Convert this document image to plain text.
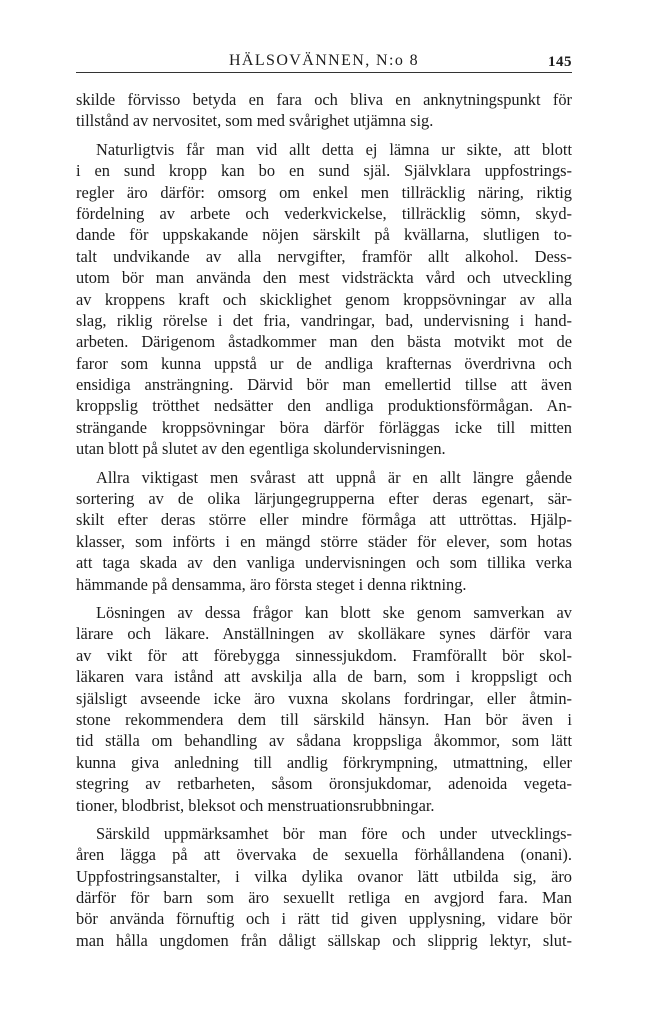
HÄLSOVÄNNEN, N:o 8	145
skilde förvisso betyda en fara och bliva en anknytningspunkt för
tillstånd av nervositet, som med svårighet utjämna sig.
Naturligtvis får man vid allt detta ej lämna ur sikte, att blott
i en sund kropp kan bo en sund själ. Självklara uppfostrings-
regler äro därför: omsorg om enkel men tillräcklig näring, riktig
fördelning av arbete och vederkvickelse, tillräcklig sömn, skyd-
dande för uppskakande nöjen särskilt på kvällarna, slutligen to-
talt undvikande av alla nervgifter, framför allt alkohol. Dess-
utom bör man använda den mest vidsträckta vård och utveckling
av kroppens kraft och skicklighet genom kroppsövningar av alla
slag, riklig rörelse i det fria, vandringar, bad, undervisning i hand-
arbeten. Därigenom åstadkommer man den bästa motvikt mot de
faror som kunna uppstå ur de andliga krafternas överdrivna och
ensidiga ansträngning. Därvid bör man emellertid tillse att även
kroppslig trötthet nedsätter den andliga produktionsförmågan. An-
strängande kroppsövningar böra därför förläggas icke till mitten
utan blott på slutet av den egentliga skolundervisningen.
Allra viktigast men svårast att uppnå är en allt längre gående
sortering av de olika lärjungegrupperna efter deras egenart, sär-
skilt efter deras större eller mindre förmåga att uttröttas. Hjälp-
klasser, som införts i en mängd större städer för elever, som hotas
att taga skada av den vanliga undervisningen och som tillika verka
hämmande på densamma, äro första steget i denna riktning.
Lösningen av dessa frågor kan blott ske genom samverkan av
lärare och läkare. Anställningen av skolläkare synes därför vara
av vikt för att förebygga sinnessjukdom. Framförallt bör skol-
läkaren vara istånd att avskilja alla de barn, som i kroppsligt och
själsligt avseende icke äro vuxna skolans fordringar, eller åtmin-
stone rekommendera dem till särskild hänsyn. Han bör även i
tid ställa om behandling av sådana kroppsliga åkommor, som lätt
kunna giva anledning till andlig förkrympning, utmattning, eller
stegring av retbarheten, såsom öronsjukdomar, adenoida vegeta-
tioner, blodbrist, bleksot och menstruationsrubbningar.
Särskild uppmärksamhet bör man före och under utvecklings-
åren lägga på att övervaka de sexuella förhållandena (onani).
Uppfostringsanstalter, i vilka dylika ovanor lätt utbilda sig, äro
därför för barn som äro sexuellt retliga en avgjord fara. Man
bör använda förnuftig och i rätt tid given upplysning, vidare bör
man hålla ungdomen från dåligt sällskap och slipprig lektyr, slut-
